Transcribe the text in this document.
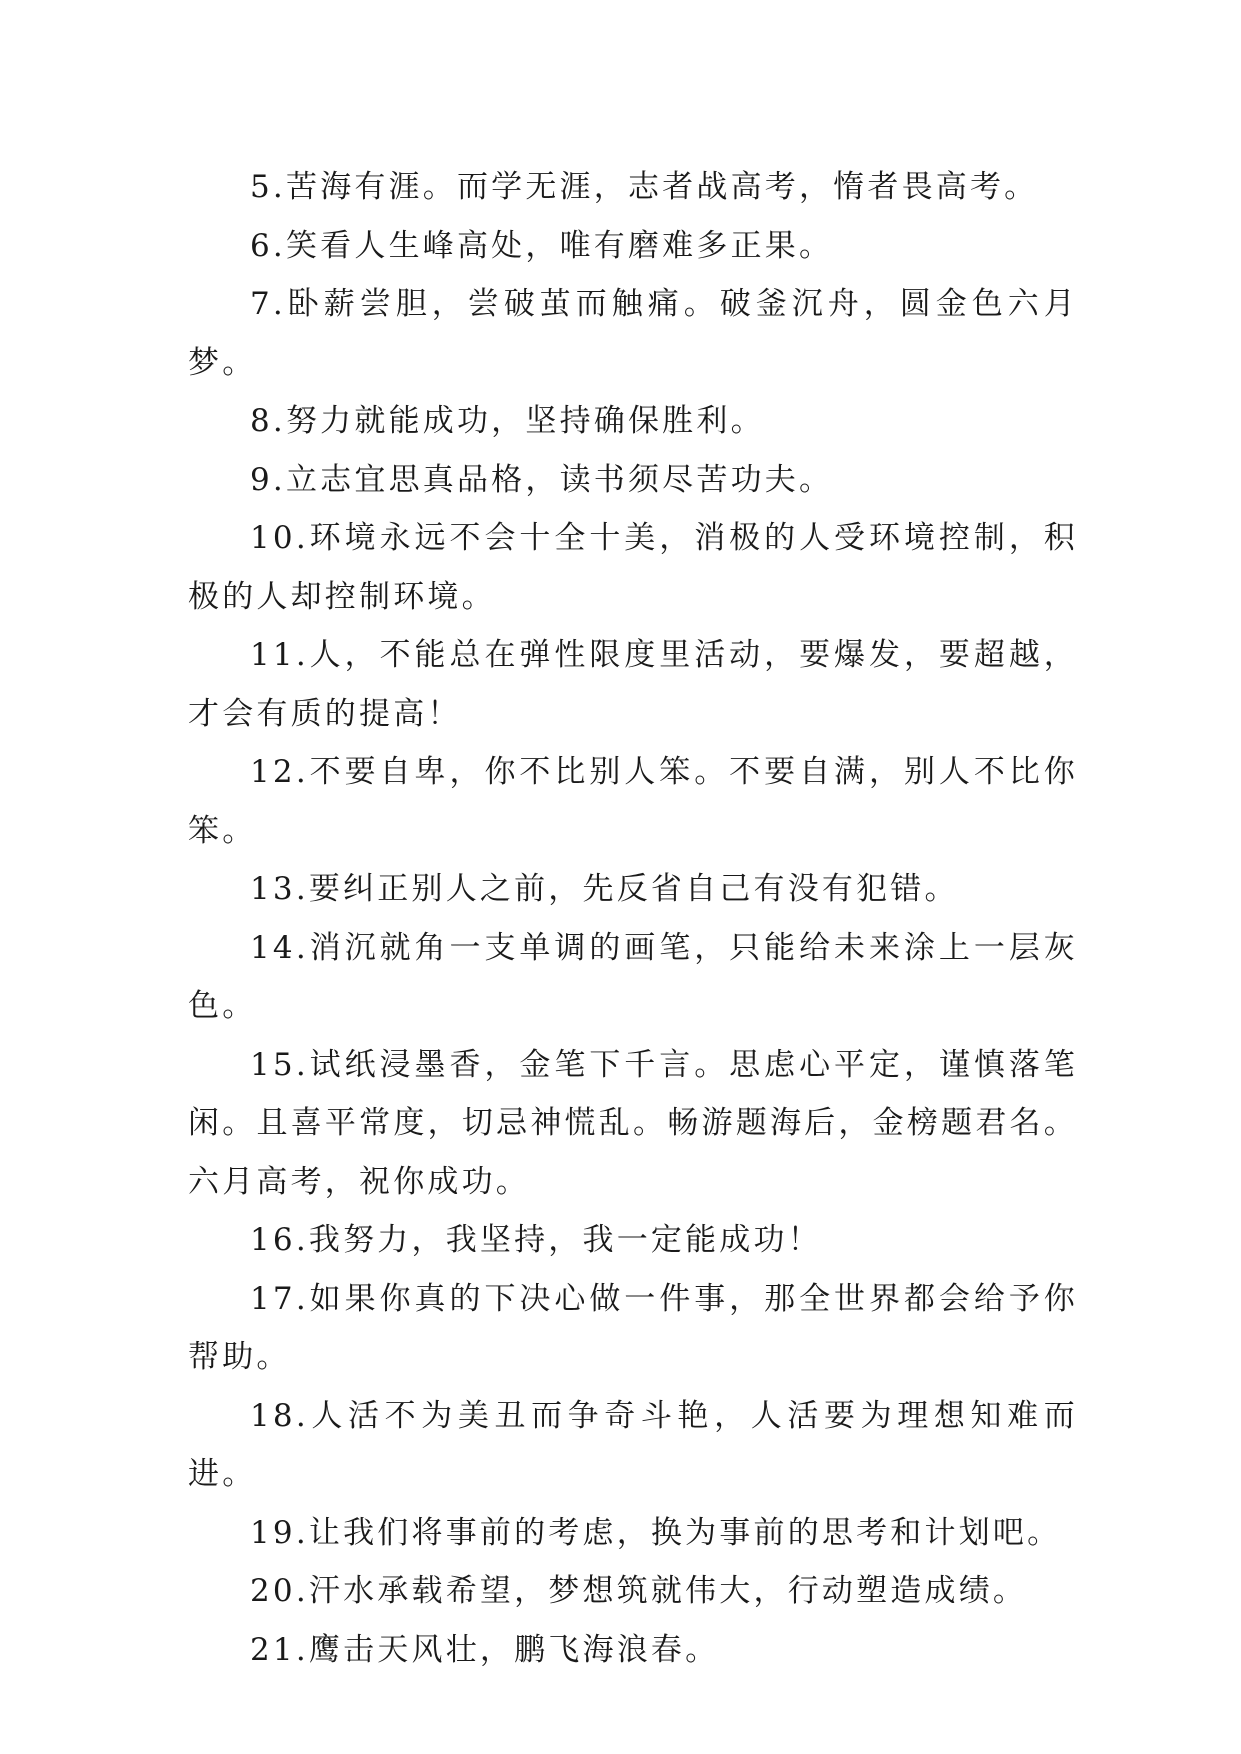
5.苦海有涯。而学无涯，志者战高考，惰者畏高考。

6.笑看人生峰高处，唯有磨难多正果。

7.卧薪尝胆，尝破茧而触痛。破釜沉舟，圆金色六月梦。

8.努力就能成功，坚持确保胜利。

9.立志宜思真品格，读书须尽苦功夫。

10.环境永远不会十全十美，消极的人受环境控制，积极的人却控制环境。

11.人，不能总在弹性限度里活动，要爆发，要超越，才会有质的提高！

12.不要自卑，你不比别人笨。不要自满，别人不比你笨。

13.要纠正别人之前，先反省自己有没有犯错。

14.消沉就角一支单调的画笔，只能给未来涂上一层灰色。

15.试纸浸墨香，金笔下千言。思虑心平定，谨慎落笔闲。且喜平常度，切忌神慌乱。畅游题海后，金榜题君名。六月高考，祝你成功。

16.我努力，我坚持，我一定能成功！

17.如果你真的下决心做一件事，那全世界都会给予你帮助。

18.人活不为美丑而争奇斗艳，人活要为理想知难而进。

19.让我们将事前的考虑，换为事前的思考和计划吧。

20.汗水承载希望，梦想筑就伟大，行动塑造成绩。

21.鹰击天风壮，鹏飞海浪春。
